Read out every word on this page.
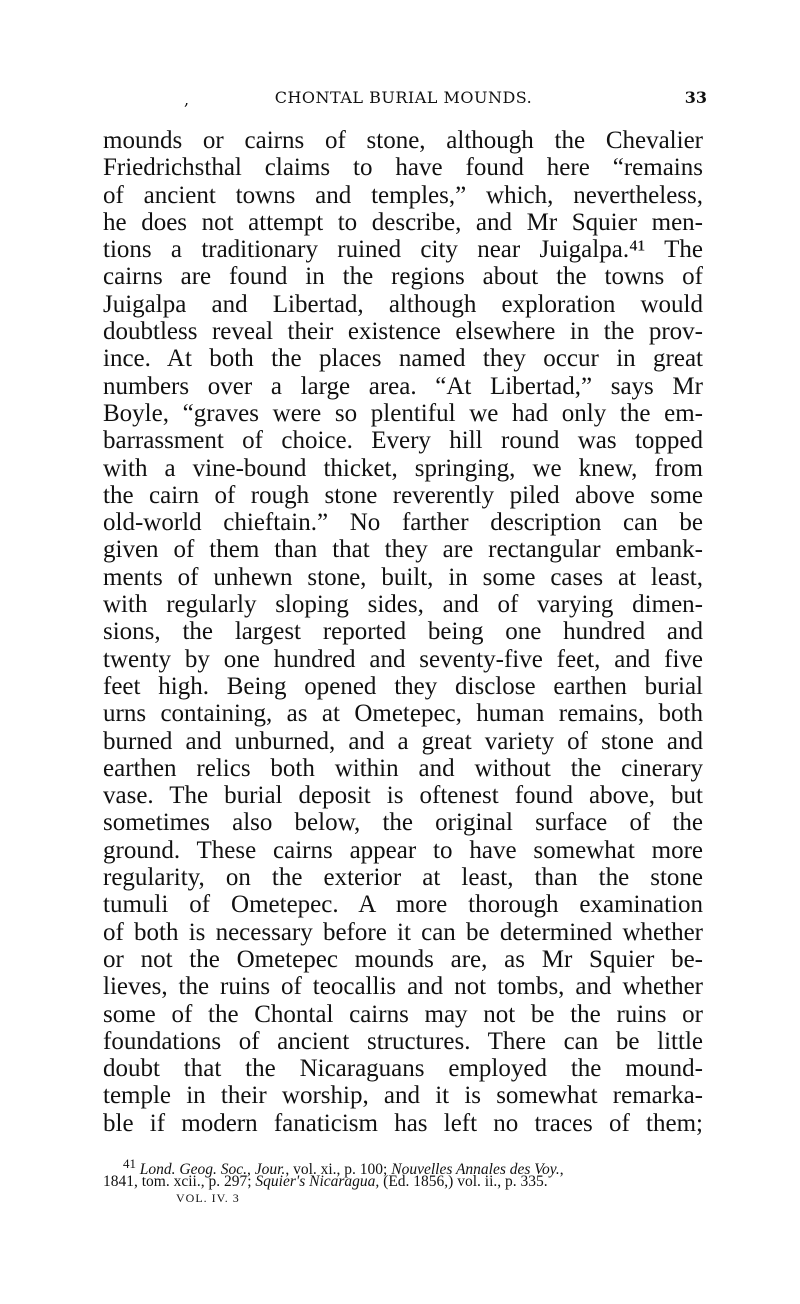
,	CHONTAL BURIAL MOUNDS.	33
mounds or cairns of stone, although the Chevalier
Friedrichsthal claims to have found here “remains
of ancient towns and temples,” which, nevertheless,
he does not attempt to describe, and Mr Squier men-
tions a traditionary ruined city near Juigalpa.⁴¹ The
cairns are found in the regions about the towns of
Juigalpa and Libertad, although exploration would
doubtless reveal their existence elsewhere in the prov-
ince. At both the places named they occur in great
numbers over a large area. “At Libertad,” says Mr
Boyle, “graves were so plentiful we had only the em-
barrassment of choice. Every hill round was topped
with a vine-bound thicket, springing, we knew, from
the cairn of rough stone reverently piled above some
old-world chieftain.” No farther description can be
given of them than that they are rectangular embank-
ments of unhewn stone, built, in some cases at least,
with regularly sloping sides, and of varying dimen-
sions, the largest reported being one hundred and
twenty by one hundred and seventy-five feet, and five
feet high. Being opened they disclose earthen burial
urns containing, as at Ometepec, human remains, both
burned and unburned, and a great variety of stone and
earthen relics both within and without the cinerary
vase. The burial deposit is oftenest found above, but
sometimes also below, the original surface of the
ground. These cairns appear to have somewhat more
regularity, on the exterior at least, than the stone
tumuli of Ometepec. A more thorough examination
of both is necessary before it can be determined whether
or not the Ometepec mounds are, as Mr Squier be-
lieves, the ruins of teocallis and not tombs, and whether
some of the Chontal cairns may not be the ruins or
foundations of ancient structures. There can be little
doubt that the Nicaraguans employed the mound-
temple in their worship, and it is somewhat remarka-
ble if modern fanaticism has left no traces of them;
$^{41}$ Lond. Geog. Soc., Jour., vol. xi., p. 100; Nouvelles Annales des Voy.,
1841, tom. xcii., p. 297; Squier's Nicaragua, (Ed. 1856,) vol. ii., p. 335.
VOL. IV. 3
